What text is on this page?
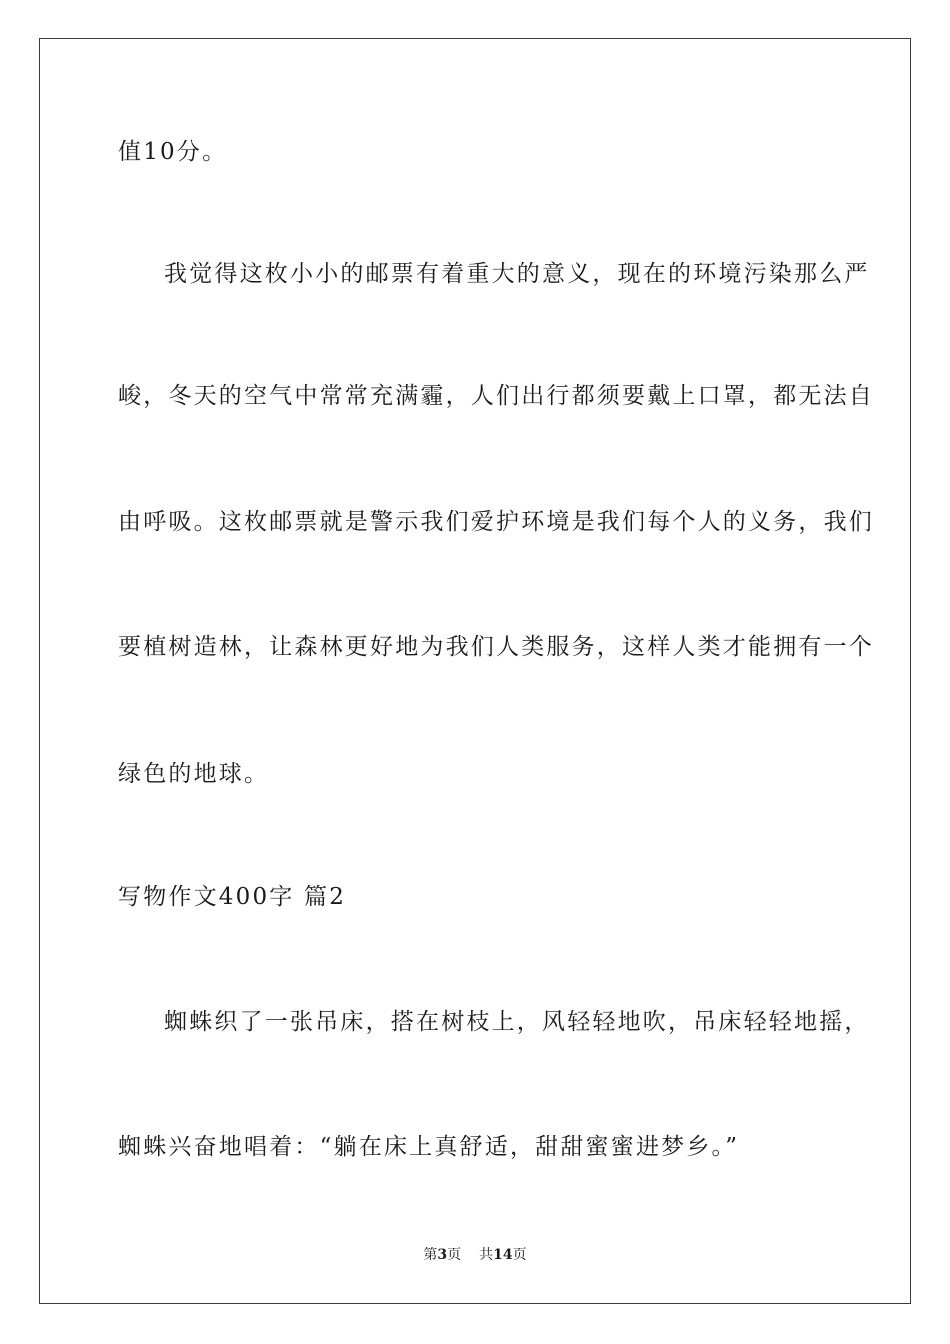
值10分。
我觉得这枚小小的邮票有着重大的意义，现在的环境污染那么严
峻，冬天的空气中常常充满霾，人们出行都须要戴上口罩，都无法自
由呼吸。这枚邮票就是警示我们爱护环境是我们每个人的义务，我们
要植树造林，让森林更好地为我们人类服务，这样人类才能拥有一个
绿色的地球。
写物作文400字 篇2
蜘蛛织了一张吊床，搭在树枝上，风轻轻地吹，吊床轻轻地摇，
蜘蛛兴奋地唱着：“躺在床上真舒适，甜甜蜜蜜进梦乡。”
第3页 共14页
